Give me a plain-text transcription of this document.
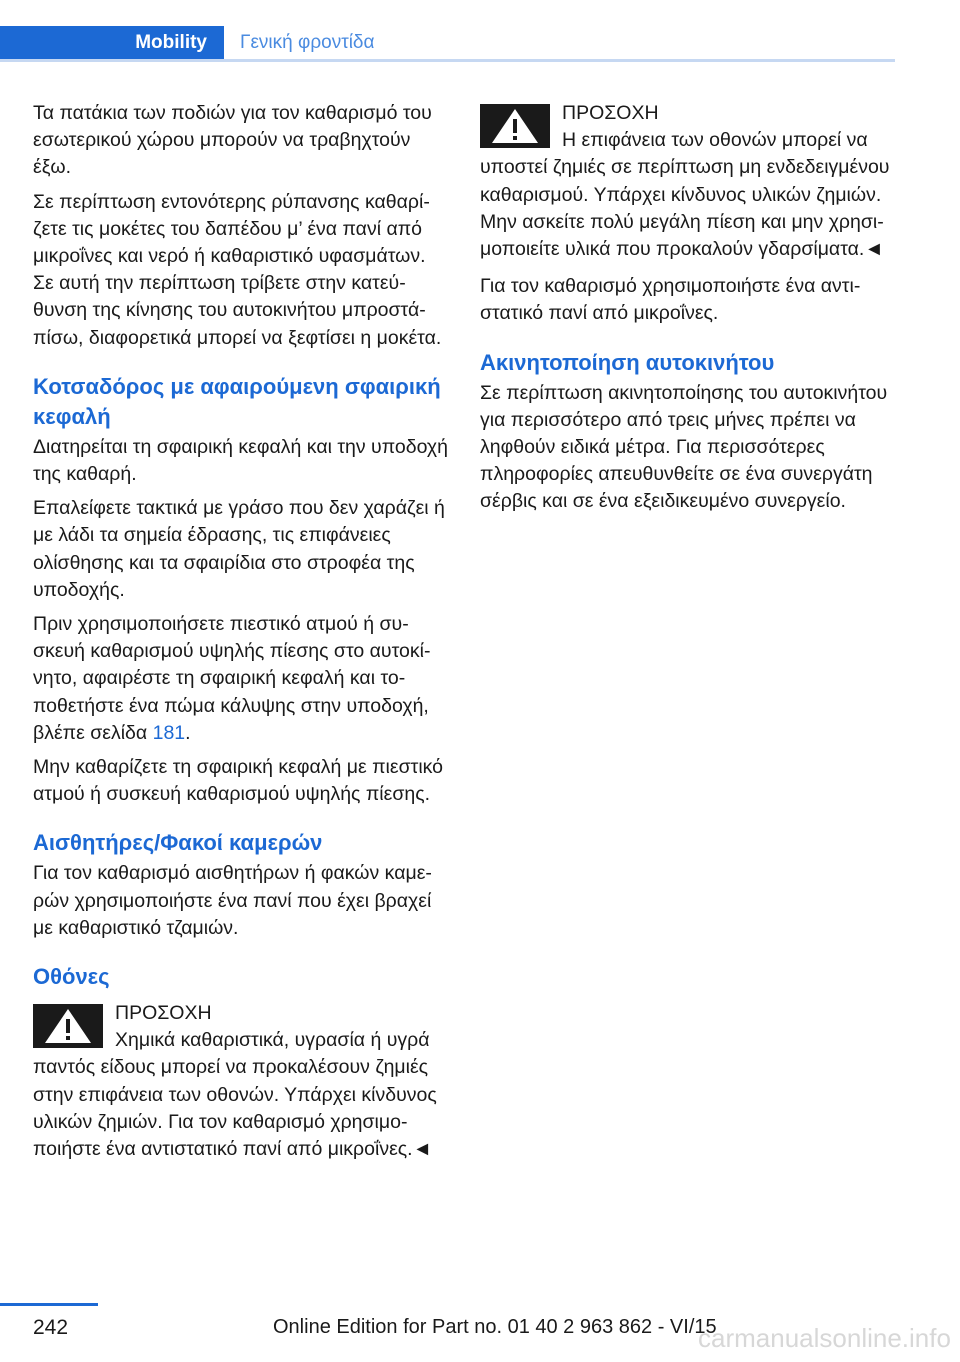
Mobility	Γενική φροντίδα

Τα πατάκια των ποδιών για τον καθαρισμό του εσωτερικού χώρου μπορούν να τραβηχτούν έξω.

Σε περίπτωση εντονότερης ρύπανσης καθαρίζετε τις μοκέτες του δαπέδου μ’ ένα πανί από μικροΐνες και νερό ή καθαριστικό υφασμάτων. Σε αυτή την περίπτωση τρίβετε στην κατεύθυνση της κίνησης του αυτοκινήτου μπροστά-πίσω, διαφορετικά μπορεί να ξεφτίσει η μοκέτα.

Κοτσαδόρος με αφαιρούμενη σφαιρική κεφαλή

Διατηρείται τη σφαιρική κεφαλή και την υποδοχή της καθαρή.

Επαλείφετε τακτικά με γράσο που δεν χαράζει ή με λάδι τα σημεία έδρασης, τις επιφάνειες ολίσθησης και τα σφαιρίδια στο στροφέα της υποδοχής.

Πριν χρησιμοποιήσετε πιεστικό ατμού ή συσκευή καθαρισμού υψηλής πίεσης στο αυτοκίνητο, αφαιρέστε τη σφαιρική κεφαλή και τοποθετήστε ένα πώμα κάλυψης στην υποδοχή, βλέπε σελίδα 181.

Μην καθαρίζετε τη σφαιρική κεφαλή με πιεστικό ατμού ή συσκευή καθαρισμού υψηλής πίεσης.

Αισθητήρες/Φακοί καμερών

Για τον καθαρισμό αισθητήρων ή φακών καμερών χρησιμοποιήστε ένα πανί που έχει βραχεί με καθαριστικό τζαμιών.

Οθόνες
ΠΡΟΣΟΧΗ
Χημικά καθαριστικά, υγρασία ή υγρά παντός είδους μπορεί να προκαλέσουν ζημιές στην επιφάνεια των οθονών. Υπάρχει κίνδυνος υλικών ζημιών. Για τον καθαρισμό χρησιμοποιήστε ένα αντιστατικό πανί από μικροΐνες.◄
ΠΡΟΣΟΧΗ
Η επιφάνεια των οθονών μπορεί να υποστεί ζημιές σε περίπτωση μη ενδεδειγμένου καθαρισμού. Υπάρχει κίνδυνος υλικών ζημιών. Μην ασκείτε πολύ μεγάλη πίεση και μην χρησιμοποιείτε υλικά που προκαλούν γδαρσίματα.◄

Για τον καθαρισμό χρησιμοποιήστε ένα αντιστατικό πανί από μικροΐνες.

Ακινητοποίηση αυτοκινήτου

Σε περίπτωση ακινητοποίησης του αυτοκινήτου για περισσότερο από τρεις μήνες πρέπει να ληφθούν ειδικά μέτρα. Για περισσότερες πληροφορίες απευθυνθείτε σε ένα συνεργάτη σέρβις και σε ένα εξειδικευμένο συνεργείο.

242	Online Edition for Part no. 01 40 2 963 862 - VI/15
carmanualsonline.info
